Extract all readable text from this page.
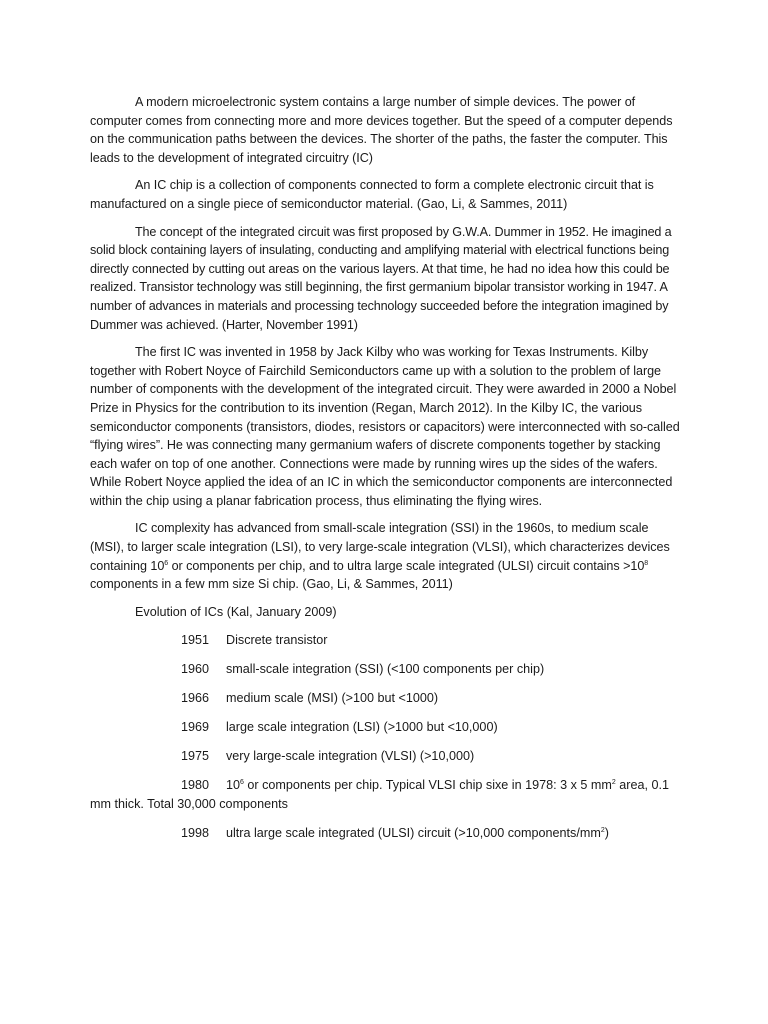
A modern microelectronic system contains a large number of simple devices. The power of computer comes from connecting more and more devices together. But the speed of a computer depends on the communication paths between the devices. The shorter of the paths, the faster the computer. This leads to the development of integrated circuitry (IC)

An IC chip is a collection of components connected to form a complete electronic circuit that is manufactured on a single piece of semiconductor material. (Gao, Li, & Sammes, 2011)

The concept of the integrated circuit was first proposed by G.W.A. Dummer in 1952. He imagined a solid block containing layers of insulating, conducting and amplifying material with electrical functions being directly connected by cutting out areas on the various layers. At that time, he had no idea how this could be realized. Transistor technology was still beginning, the first germanium bipolar transistor working in 1947. A number of advances in materials and processing technology succeeded before the integration imagined by Dummer was achieved. (Harter, November 1991)

The first IC was invented in 1958 by Jack Kilby who was working for Texas Instruments. Kilby together with Robert Noyce of Fairchild Semiconductors came up with a solution to the problem of large number of components with the development of the integrated circuit. They were awarded in 2000 a Nobel Prize in Physics for the contribution to its invention (Regan, March 2012). In the Kilby IC, the various semiconductor components (transistors, diodes, resistors or capacitors) were interconnected with so-called “flying wires”. He was connecting many germanium wafers of discrete components together by stacking each wafer on top of one another. Connections were made by running wires up the sides of the wafers. While Robert Noyce applied the idea of an IC in which the semiconductor components are interconnected within the chip using a planar fabrication process, thus eliminating the flying wires.

IC complexity has advanced from small-scale integration (SSI) in the 1960s, to medium scale (MSI), to larger scale integration (LSI), to very large-scale integration (VLSI), which characterizes devices containing $10^6$ or components per chip, and to ultra large scale integrated (ULSI) circuit contains $>10^8$ components in a few mm size Si chip. (Gao, Li, & Sammes, 2011)

Evolution of ICs (Kal, January 2009)

1951 Discrete transistor
1960 small-scale integration (SSI) (<100 components per chip)
1966 medium scale (MSI) (>100 but <1000)
1969 large scale integration (LSI) (>1000 but <10,000)
1975 very large-scale integration (VLSI) (>10,000)
1980 $10^6$ or components per chip. Typical VLSI chip sixe in 1978: 3 x 5 $mm^2$ area, 0.1 mm thick. Total 30,000 components
1998 ultra large scale integrated (ULSI) circuit (>10,000 components/$mm^2$)
